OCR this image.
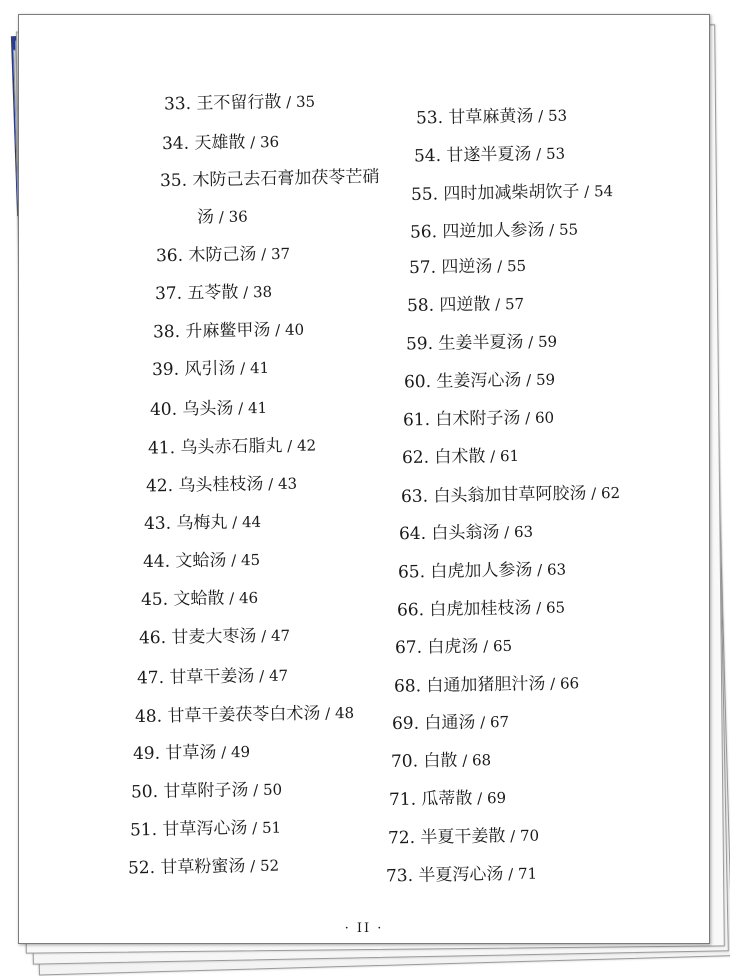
33. 王不留行散 / 35
34. 天雄散 / 36
35. 木防己去石膏加茯苓芒硝
汤 / 36
36. 木防己汤 / 37
37. 五苓散 / 38
38. 升麻鳖甲汤 / 40
39. 风引汤 / 41
40. 乌头汤 / 41
41. 乌头赤石脂丸 / 42
42. 乌头桂枝汤 / 43
43. 乌梅丸 / 44
44. 文蛤汤 / 45
45. 文蛤散 / 46
46. 甘麦大枣汤 / 47
47. 甘草干姜汤 / 47
48. 甘草干姜茯苓白术汤 / 48
49. 甘草汤 / 49
50. 甘草附子汤 / 50
51. 甘草泻心汤 / 51
52. 甘草粉蜜汤 / 52
53. 甘草麻黄汤 / 53
54. 甘遂半夏汤 / 53
55. 四时加减柴胡饮子 / 54
56. 四逆加人参汤 / 55
57. 四逆汤 / 55
58. 四逆散 / 57
59. 生姜半夏汤 / 59
60. 生姜泻心汤 / 59
61. 白术附子汤 / 60
62. 白术散 / 61
63. 白头翁加甘草阿胶汤 / 62
64. 白头翁汤 / 63
65. 白虎加人参汤 / 63
66. 白虎加桂枝汤 / 65
67. 白虎汤 / 65
68. 白通加猪胆汁汤 / 66
69. 白通汤 / 67
70. 白散 / 68
71. 瓜蒂散 / 69
72. 半夏干姜散 / 70
73. 半夏泻心汤 / 71
· II ·
